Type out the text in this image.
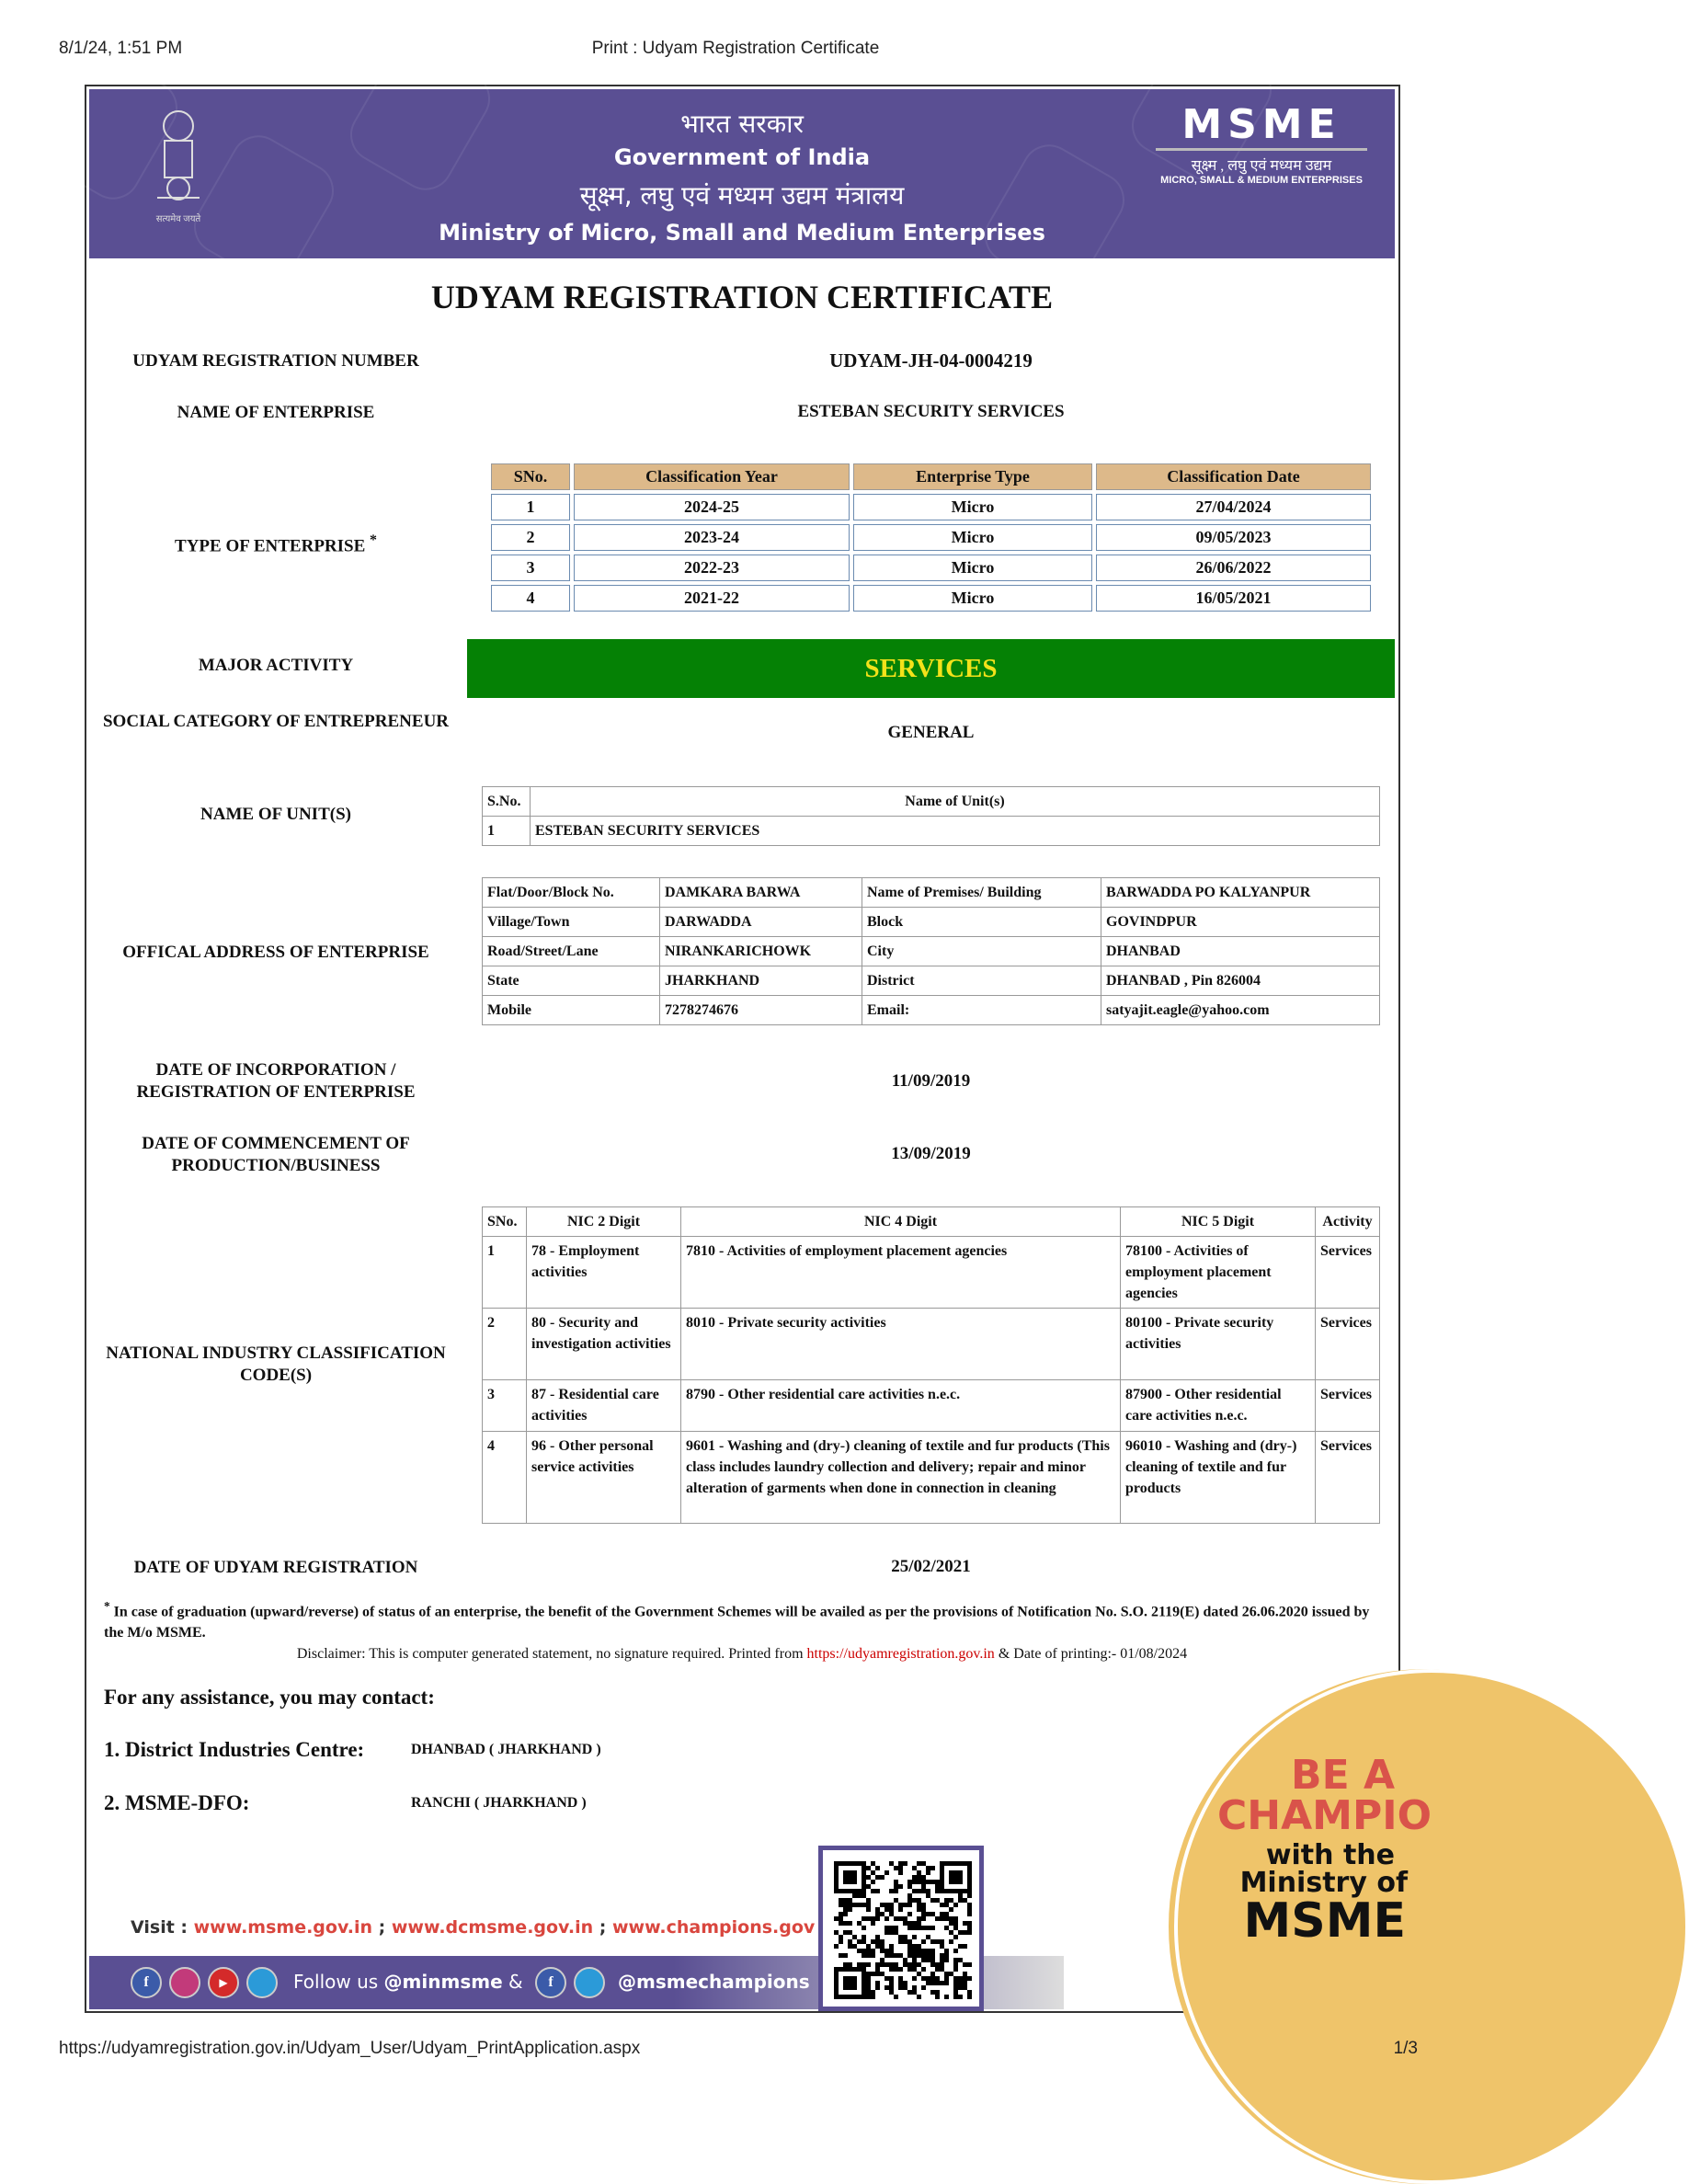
8/1/24, 1:51 PM	Print : Udyam Registration Certificate
सत्यमेव जयते
भारत सरकार
Government of India
सूक्ष्म, लघु एवं मध्यम उद्यम मंत्रालय
Ministry of Micro, Small and Medium Enterprises
MSME
सूक्ष्म , लघु एवं मध्यम उद्यम
MICRO, SMALL & MEDIUM ENTERPRISES
UDYAM REGISTRATION CERTIFICATE
UDYAM REGISTRATION NUMBER	UDYAM-JH-04-0004219
NAME OF ENTERPRISE	ESTEBAN SECURITY SERVICES
TYPE OF ENTERPRISE *
SNo.	Classification Year	Enterprise Type	Classification Date
1	2024-25	Micro	27/04/2024
2	2023-24	Micro	09/05/2023
3	2022-23	Micro	26/06/2022
4	2021-22	Micro	16/05/2021
MAJOR ACTIVITY	SERVICES
SOCIAL CATEGORY OF ENTREPRENEUR
GENERAL
NAME OF UNIT(S)
S.No.	Name of Unit(s)
1	ESTEBAN SECURITY SERVICES
OFFICAL ADDRESS OF ENTERPRISE
Flat/Door/Block No.	DAMKARA BARWA	Name of Premises/ Building	BARWADDA PO KALYANPUR
Village/Town	DARWADDA	Block	GOVINDPUR
Road/Street/Lane	NIRANKARICHOWK	City	DHANBAD
State	JHARKHAND	District	DHANBAD , Pin 826004
Mobile	7278274676	Email:	satyajit.eagle@yahoo.com
DATE OF INCORPORATION / REGISTRATION OF ENTERPRISE
11/09/2019
DATE OF COMMENCEMENT OF PRODUCTION/BUSINESS
13/09/2019
NATIONAL INDUSTRY CLASSIFICATION CODE(S)
SNo.	NIC 2 Digit	NIC 4 Digit	NIC 5 Digit	Activity
1	78 - Employment activities	7810 - Activities of employment placement agencies	78100 - Activities of employment placement agencies	Services
2	80 - Security and investigation activities	8010 - Private security activities	80100 - Private security activities	Services
3	87 - Residential care activities	8790 - Other residential care activities n.e.c.	87900 - Other residential care activities n.e.c.	Services
4	96 - Other personal service activities	9601 - Washing and (dry-) cleaning of textile and fur products (This class includes laundry collection and delivery; repair and minor alteration of garments when done in connection in cleaning	96010 - Washing and (dry-) cleaning of textile and fur products	Services
DATE OF UDYAM REGISTRATION	25/02/2021
* In case of graduation (upward/reverse) of status of an enterprise, the benefit of the Government Schemes will be availed as per the provisions of Notification No. S.O. 2119(E) dated 26.06.2020 issued by the M/o MSME.
Disclaimer: This is computer generated statement, no signature required. Printed from https://udyamregistration.gov.in & Date of printing:- 01/08/2024
For any assistance, you may contact:
1. District Industries Centre:	DHANBAD ( JHARKHAND )
2. MSME-DFO:	RANCHI ( JHARKHAND )
BE A
CHAMPIO
with the
Ministry of
MSME
Visit : www.msme.gov.in ; www.dcmsme.gov.in ; www.champions.gov
f	▶	Follow us @minmsme &	f	@msmechampions
https://udyamregistration.gov.in/Udyam_User/Udyam_PrintApplication.aspx	1/3
